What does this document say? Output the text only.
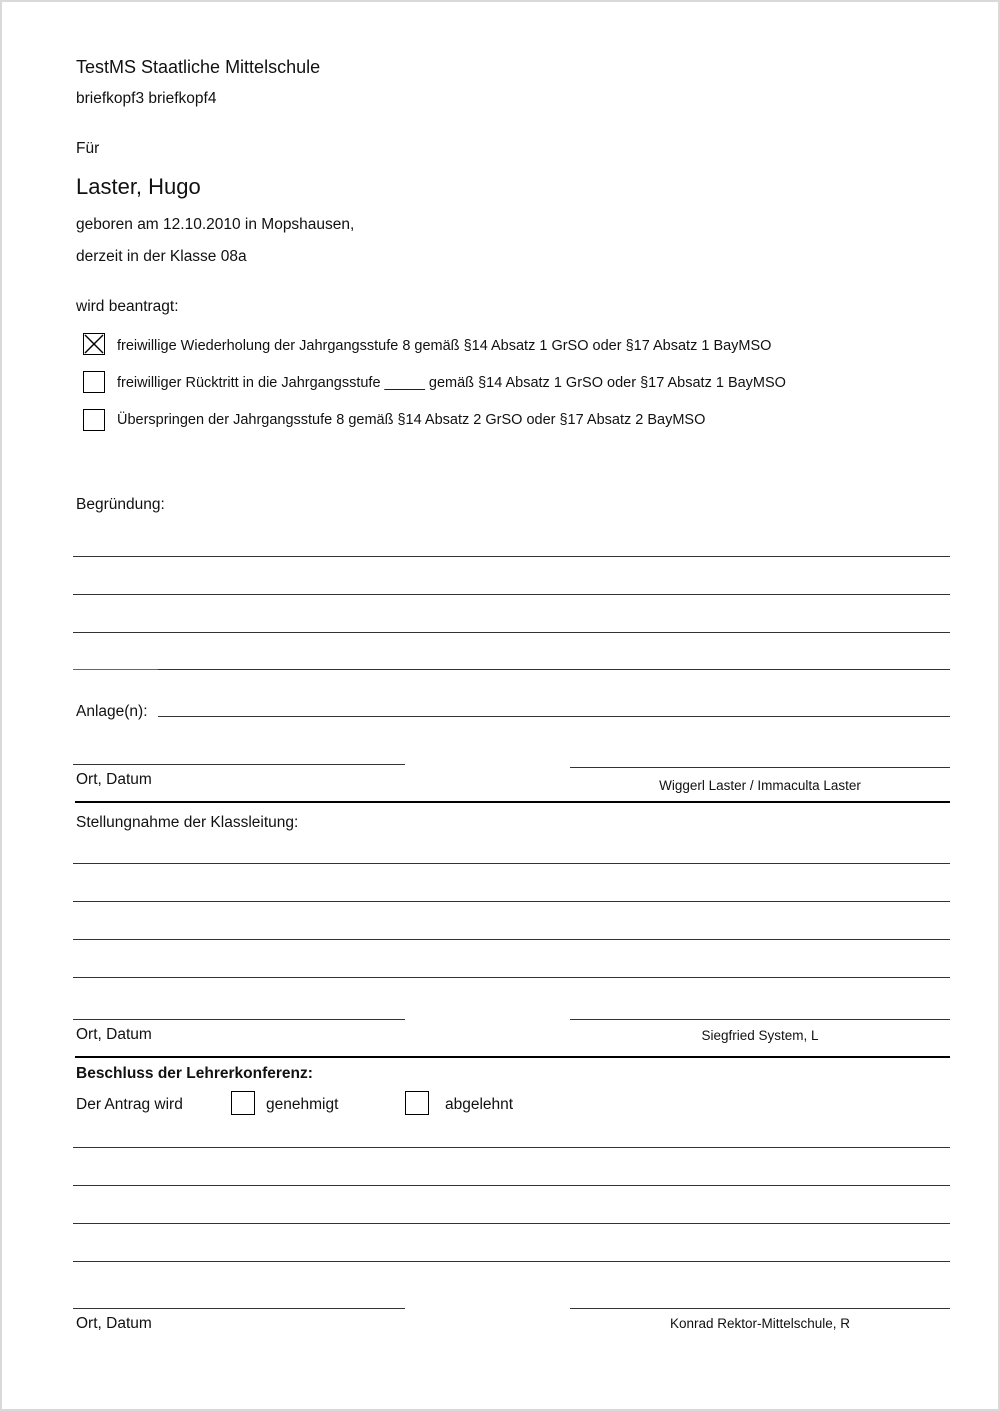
TestMS Staatliche Mittelschule
briefkopf3 briefkopf4
Für
Laster, Hugo
geboren am 12.10.2010 in Mopshausen,
derzeit in der Klasse 08a
wird beantragt:
freiwillige Wiederholung der Jahrgangsstufe 8 gemäß §14 Absatz 1 GrSO oder §17 Absatz 1 BayMSO
freiwilliger Rücktritt in die Jahrgangsstufe _____ gemäß §14 Absatz 1 GrSO oder §17 Absatz 1 BayMSO
Überspringen der Jahrgangsstufe 8 gemäß §14 Absatz 2 GrSO oder §17 Absatz 2 BayMSO
Begründung:
Anlage(n):
Ort, Datum	Wiggerl Laster / Immaculta Laster
Stellungnahme der Klassleitung:
Ort, Datum	Siegfried System, L
Beschluss der Lehrerkonferenz:
Der Antrag wird	genehmigt	abgelehnt
Ort, Datum	Konrad Rektor-Mittelschule, R
